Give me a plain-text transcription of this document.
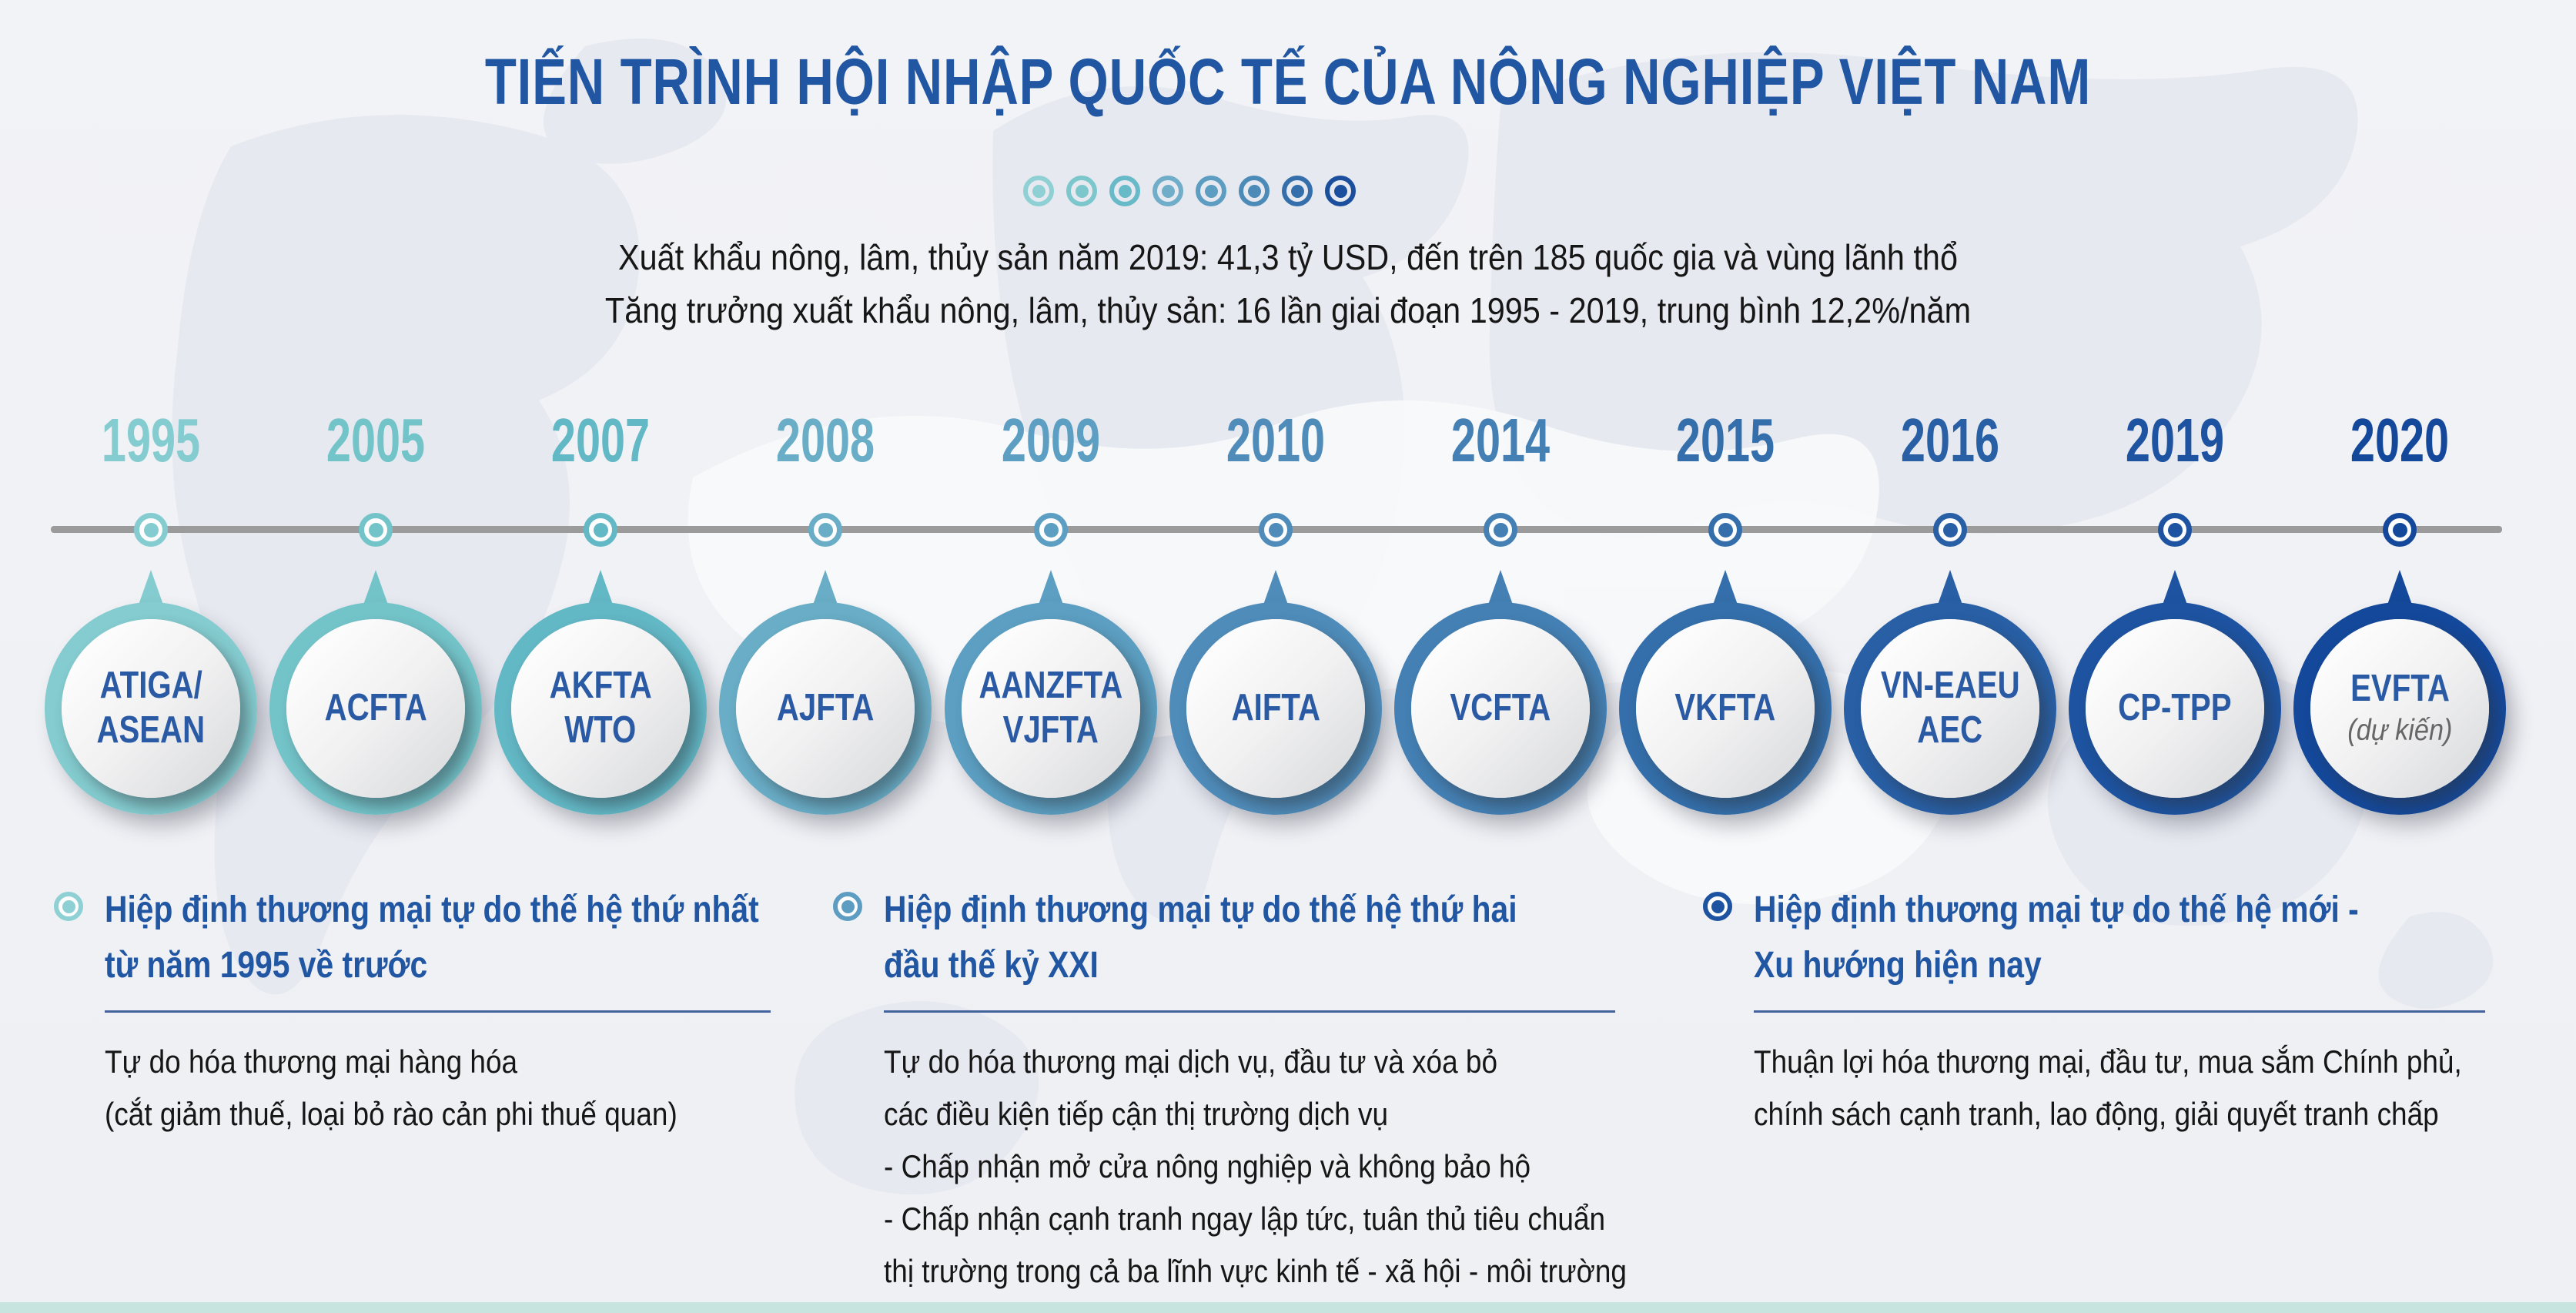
TIẾN TRÌNH HỘI NHẬP QUỐC TẾ CỦA NÔNG NGHIỆP VIỆT NAM
Xuất khẩu nông, lâm, thủy sản năm 2019: 41,3 tỷ USD, đến trên 185 quốc gia và vùng lãnh thổ
Tăng trưởng xuất khẩu nông, lâm, thủy sản: 16 lần giai đoạn 1995 - 2019, trung bình 12,2%/năm
1995
ATIGA/
ASEAN
2005
ACFTA
2007
AKFTA
WTO
2008
AJFTA
2009
AANZFTA
VJFTA
2010
AIFTA
2014
VCFTA
2015
VKFTA
2016
VN-EAEU
AEC
2019
CP-TPP
2020
EVFTA
(dự kiến)
Hiệp định thương mại tự do thế hệ thứ nhất
từ năm 1995 về trước
Tự do hóa thương mại hàng hóa
(cắt giảm thuế, loại bỏ rào cản phi thuế quan)
Hiệp định thương mại tự do thế hệ thứ hai
đầu thế kỷ XXI
Tự do hóa thương mại dịch vụ, đầu tư và xóa bỏ
các điều kiện tiếp cận thị trường dịch vụ
- Chấp nhận mở cửa nông nghiệp và không bảo hộ
- Chấp nhận cạnh tranh ngay lập tức, tuân thủ tiêu chuẩn
thị trường trong cả ba lĩnh vực kinh tế - xã hội - môi trường
Hiệp định thương mại tự do thế hệ mới -
Xu hướng hiện nay
Thuận lợi hóa thương mại, đầu tư, mua sắm Chính phủ,
chính sách cạnh tranh, lao động, giải quyết tranh chấp
